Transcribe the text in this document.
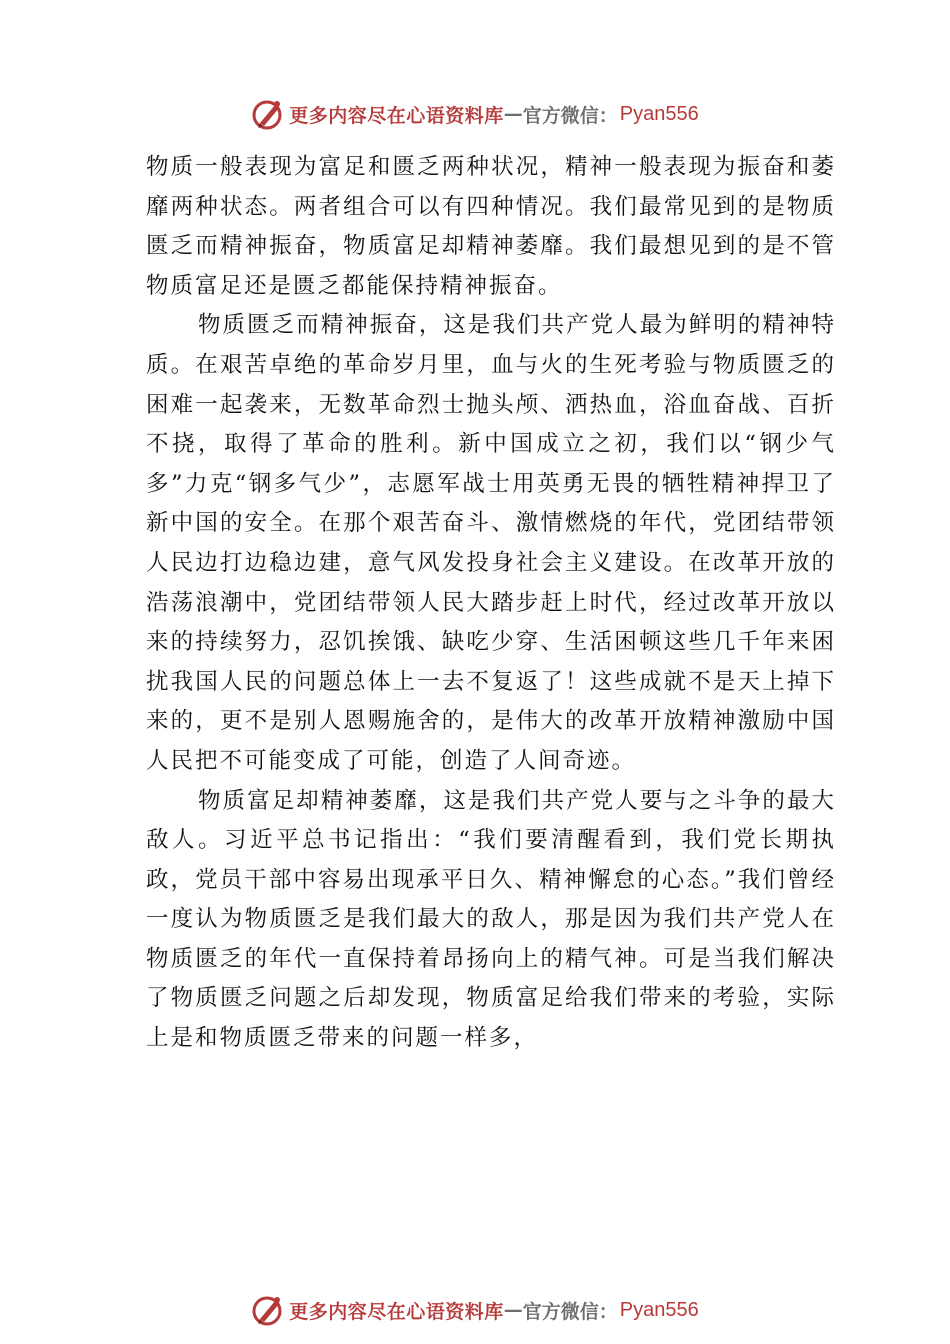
更多内容尽在心语资料库 — 官方微信： Pyan556

物质一般表现为富足和匮乏两种状况，精神一般表现为振奋和萎靡两种状态。两者组合可以有四种情况。我们最常见到的是物质匮乏而精神振奋，物质富足却精神萎靡。我们最想见到的是不管物质富足还是匮乏都能保持精神振奋。

物质匮乏而精神振奋，这是我们共产党人最为鲜明的精神特质。在艰苦卓绝的革命岁月里，血与火的生死考验与物质匮乏的困难一起袭来，无数革命烈士抛头颅、洒热血，浴血奋战、百折不挠，取得了革命的胜利。新中国成立之初，我们以“钢少气多”力克“钢多气少”，志愿军战士用英勇无畏的牺牲精神捍卫了新中国的安全。在那个艰苦奋斗、激情燃烧的年代，党团结带领人民边打边稳边建，意气风发投身社会主义建设。在改革开放的浩荡浪潮中，党团结带领人民大踏步赶上时代，经过改革开放以来的持续努力，忍饥挨饿、缺吃少穿、生活困顿这些几千年来困扰我国人民的问题总体上一去不复返了！这些成就不是天上掉下来的，更不是别人恩赐施舍的，是伟大的改革开放精神激励中国人民把不可能变成了可能，创造了人间奇迹。

物质富足却精神萎靡，这是我们共产党人要与之斗争的最大敌人。习近平总书记指出：“我们要清醒看到，我们党长期执政，党员干部中容易出现承平日久、精神懈怠的心态。”我们曾经一度认为物质匮乏是我们最大的敌人，那是因为我们共产党人在物质匮乏的年代一直保持着昂扬向上的精气神。可是当我们解决了物质匮乏问题之后却发现，物质富足给我们带来的考验，实际上是和物质匮乏带来的问题一样多，

更多内容尽在心语资料库 — 官方微信： Pyan556
